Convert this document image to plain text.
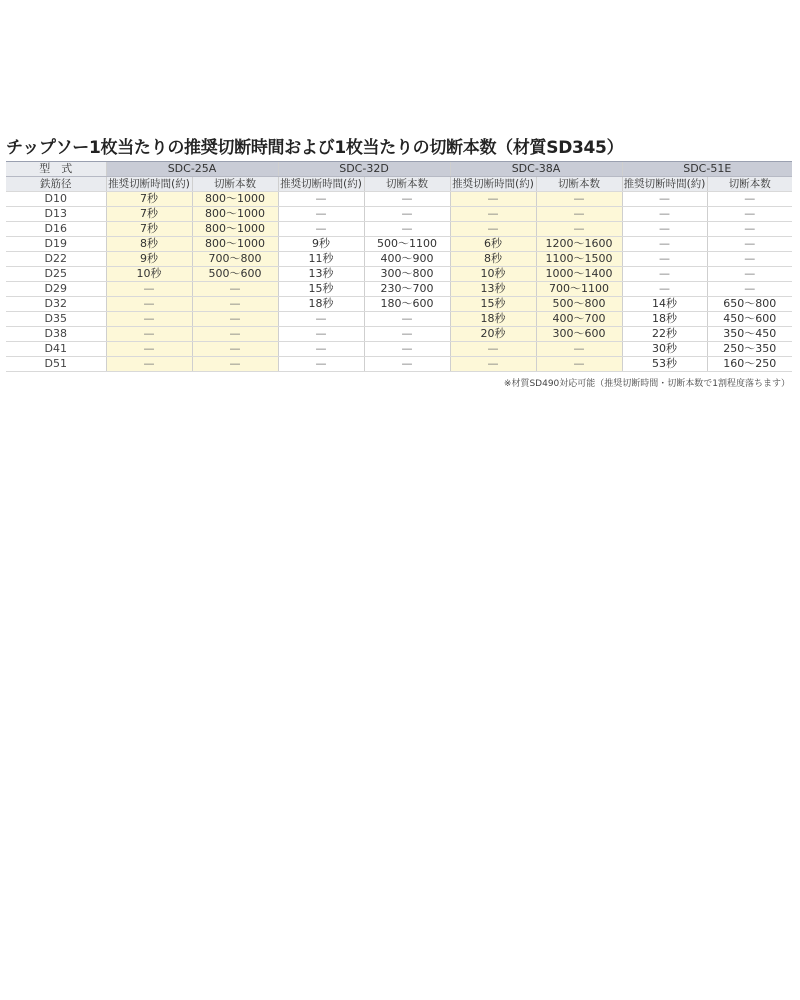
チップソー1枚当たりの推奨切断時間および1枚当たりの切断本数（材質SD345）
型　式	SDC-25A		SDC-32D		SDC-38A		SDC-51E	
鉄筋径	推奨切断時間(約)	切断本数	推奨切断時間(約)	切断本数	推奨切断時間(約)	切断本数	推奨切断時間(約)	切断本数
D10	7秒	800～1000	—	—	—	—	—	—
D13	7秒	800～1000	—	—	—	—	—	—
D16	7秒	800～1000	—	—	—	—	—	—
D19	8秒	800～1000	9秒	500～1100	6秒	1200～1600	—	—
D22	9秒	700～800	11秒	400～900	8秒	1100～1500	—	—
D25	10秒	500～600	13秒	300～800	10秒	1000～1400	—	—
D29	—	—	15秒	230～700	13秒	700～1100	—	—
D32	—	—	18秒	180～600	15秒	500～800	14秒	650～800
D35	—	—	—	—	18秒	400～700	18秒	450～600
D38	—	—	—	—	20秒	300～600	22秒	350～450
D41	—	—	—	—	—	—	30秒	250～350
D51	—	—	—	—	—	—	53秒	160～250
※材質SD490対応可能（推奨切断時間・切断本数で1割程度落ちます）
